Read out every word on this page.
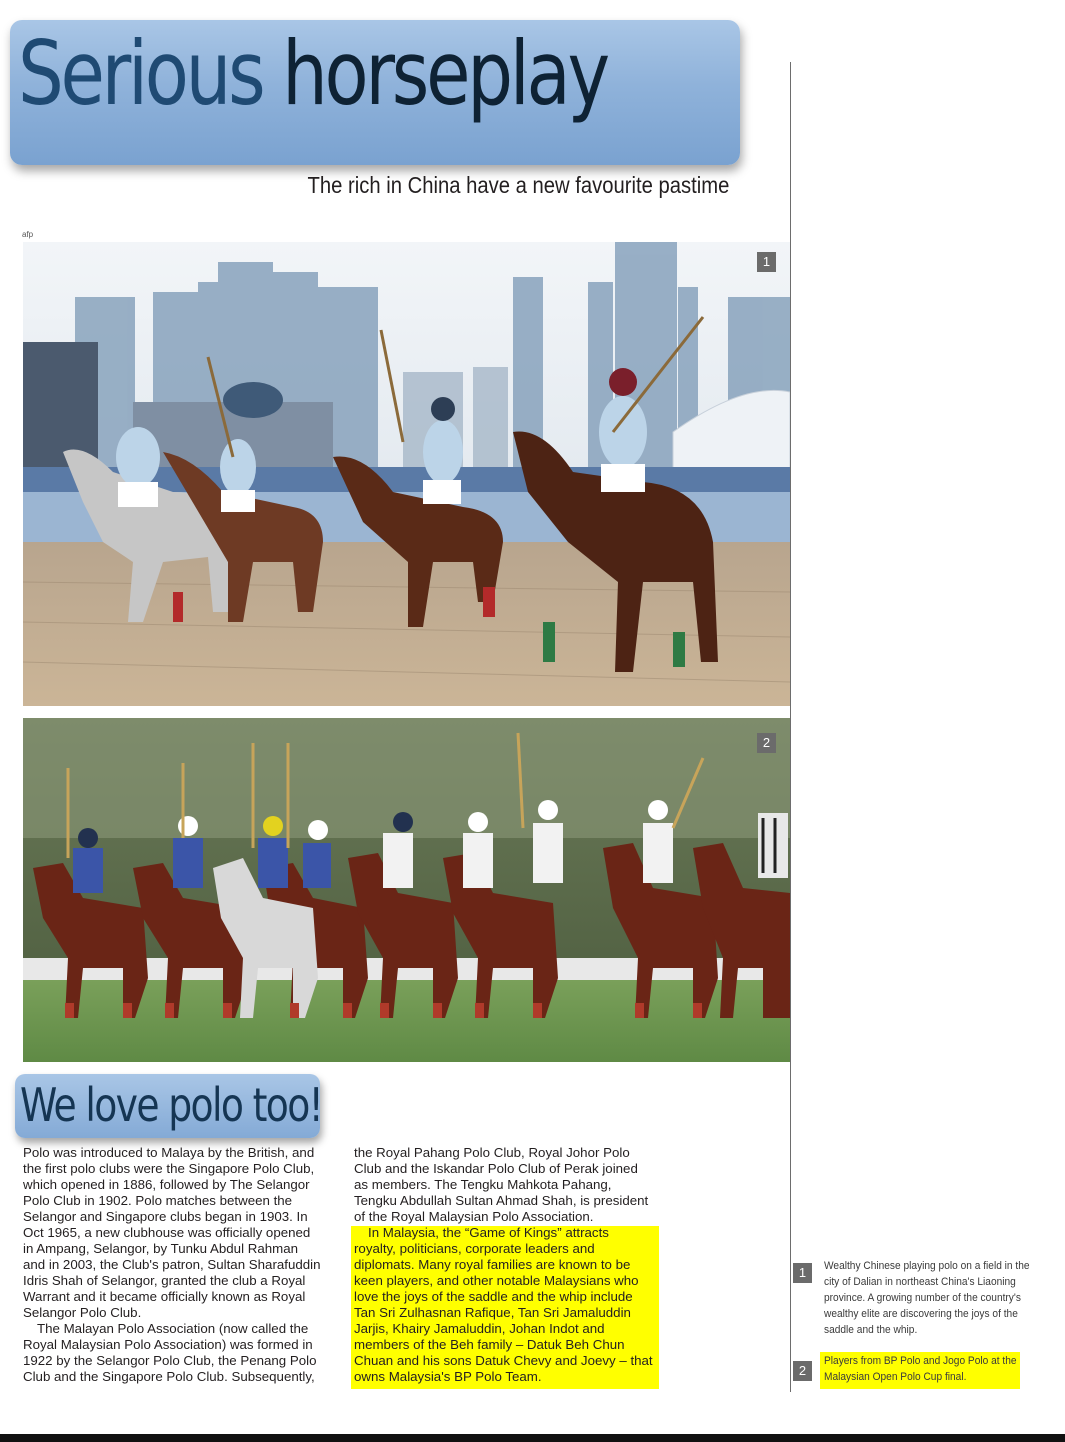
Serious horseplay

The rich in China have a new favourite pastime

afp
1
2
We love polo too!

Polo was introduced to Malaya by the British, and the first polo clubs were the Singapore Polo Club, which opened in 1886, followed by The Selangor Polo Club in 1902. Polo matches between the Selangor and Singapore clubs began in 1903. In Oct 1965, a new clubhouse was officially opened in Ampang, Selangor, by Tunku Abdul Rahman and in 2003, the Club's patron, Sultan Sharafuddin Idris Shah of Selangor, granted the club a Royal Warrant and it became officially known as Royal Selangor Polo Club.

The Malayan Polo Association (now called the Royal Malaysian Polo Association) was formed in 1922 by the Selangor Polo Club, the Penang Polo Club and the Singapore Polo Club. Subsequently,

the Royal Pahang Polo Club, Royal Johor Polo Club and the Iskandar Polo Club of Perak joined as members. The Tengku Mahkota Pahang, Tengku Abdullah Sultan Ahmad Shah, is president of the Royal Malaysian Polo Association.

In Malaysia, the “Game of Kings” attracts royalty, politicians, corporate leaders and diplomats. Many royal families are known to be keen players, and other notable Malaysians who love the joys of the saddle and the whip include Tan Sri Zulhasnan Rafique, Tan Sri Jamaluddin Jarjis, Khairy Jamaluddin, Johan Indot and members of the Beh family – Datuk Beh Chun Chuan and his sons Datuk Chevy and Joevy – that owns Malaysia's BP Polo Team.

1	Wealthy Chinese playing polo on a field in the city of Dalian in northeast China's Liaoning province. A growing number of the country's wealthy elite are discovering the joys of the saddle and the whip.
2
Players from BP Polo and Jogo Polo at the Malaysian Open Polo Cup final.
